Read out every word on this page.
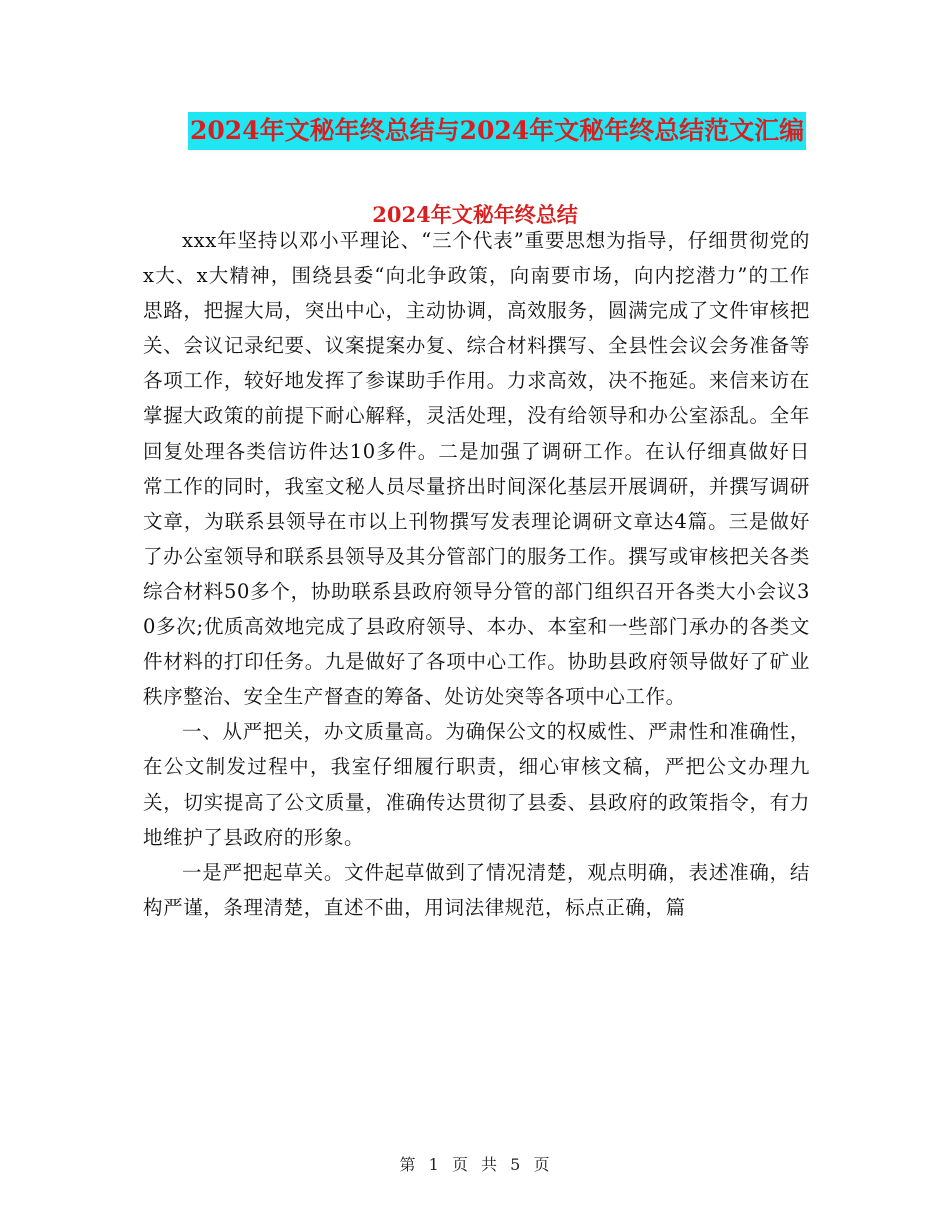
2024年文秘年终总结与2024年文秘年终总结范文汇编
2024年文秘年终总结

xxx年坚持以邓小平理论、“三个代表”重要思想为指导，仔细贯彻党的x大、x大精神，围绕县委“向北争政策，向南要市场，向内挖潜力”的工作思路，把握大局，突出中心，主动协调，高效服务，圆满完成了文件审核把关、会议记录纪要、议案提案办复、综合材料撰写、全县性会议会务准备等各项工作，较好地发挥了参谋助手作用。力求高效，决不拖延。来信来访在掌握大政策的前提下耐心解释，灵活处理，没有给领导和办公室添乱。全年回复处理各类信访件达10多件。二是加强了调研工作。在认仔细真做好日常工作的同时，我室文秘人员尽量挤出时间深化基层开展调研，并撰写调研文章，为联系县领导在市以上刊物撰写发表理论调研文章达4篇。三是做好了办公室领导和联系县领导及其分管部门的服务工作。撰写或审核把关各类综合材料50多个，协助联系县政府领导分管的部门组织召开各类大小会议30多次;优质高效地完成了县政府领导、本办、本室和一些部门承办的各类文件材料的打印任务。九是做好了各项中心工作。协助县政府领导做好了矿业秩序整治、安全生产督查的筹备、处访处突等各项中心工作。

一、从严把关，办文质量高。为确保公文的权威性、严肃性和准确性，在公文制发过程中，我室仔细履行职责，细心审核文稿，严把公文办理九关，切实提高了公文质量，准确传达贯彻了县委、县政府的政策指令，有力地维护了县政府的形象。

一是严把起草关。文件起草做到了情况清楚，观点明确，表述准确，结构严谨，条理清楚，直述不曲，用词法律规范，标点正确，篇

第 1 页 共 5 页
